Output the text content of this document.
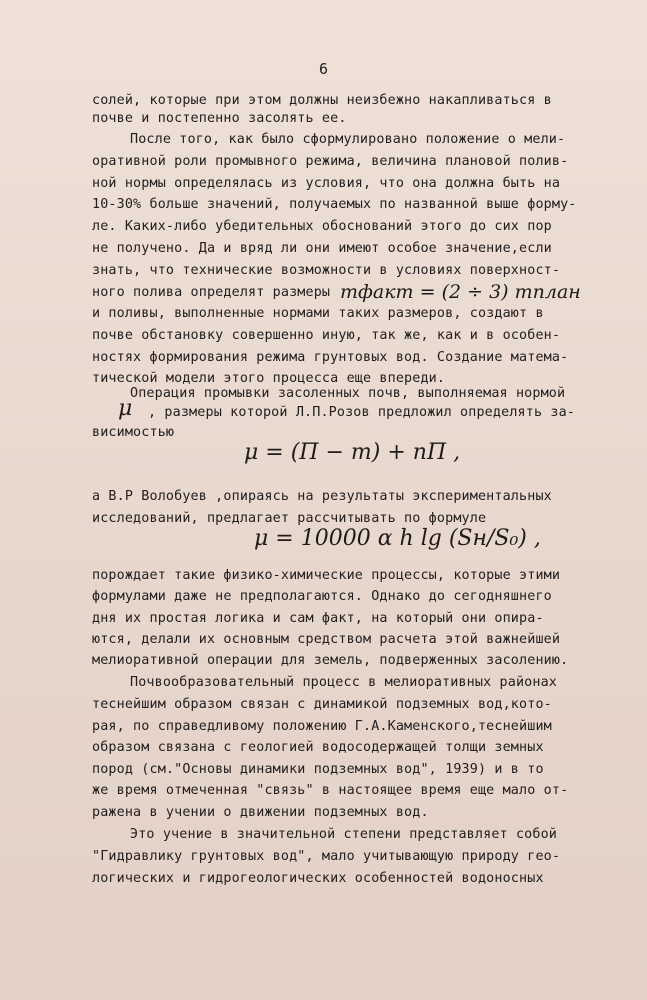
6
солей, которые при этом должны неизбежно накапливаться в
почве и постепенно засолять ее.
После того, как было сформулировано положение о мели-
оративной роли промывного режима, величина плановой полив-
ной нормы определялась из условия, что она должна быть на
10-30% больше значений, получаемых по названной выше форму-
ле. Каких-либо убедительных обоснований этого до сих пор
не получено. Да и вряд ли они имеют особое значение,если
знать, что технические возможности в условиях поверхност-
ного полива определят размеры mфакт = (2 ÷ 3) mплан
и поливы, выполненные нормами таких размеров, создают в
почве обстановку совершенно иную, так же, как и в особен-
ностях формирования режима грунтовых вод. Создание матема-
тической модели этого процесса еще впереди.
Операция промывки засоленных почв, выполняемая нормой
μ , размеры которой Л.П.Розов предложил определять за-
висимостью
μ = (Π − m) + nΠ ,
а В.Р Волобуев ,опираясь на результаты экспериментальных
исследований, предлагает рассчитывать по формуле
μ = 10000 α h lg (Sн/S₀) ,
порождает такие физико-химические процессы, которые этими
формулами даже не предполагаются. Однако до сегодняшнего
дня их простая логика и сам факт, на который они опира-
ются, делали их основным средством расчета этой важнейшей
мелиоративной операции для земель, подверженных засолению.
Почвообразовательный процесс в мелиоративных районах
теснейшим образом связан с динамикой подземных вод,кото-
рая, по справедливому положению Г.А.Каменского,теснейшим
образом связана с геологией водосодержащей толщи земных
пород (см."Основы динамики подземных вод", 1939) и в то
же время отмеченная "связь" в настоящее время еще мало от-
ражена в учении о движении подземных вод.
Это учение в значительной степени представляет собой
"Гидравлику грунтовых вод", мало учитывающую природу гео-
логических и гидрогеологических особенностей водоносных
